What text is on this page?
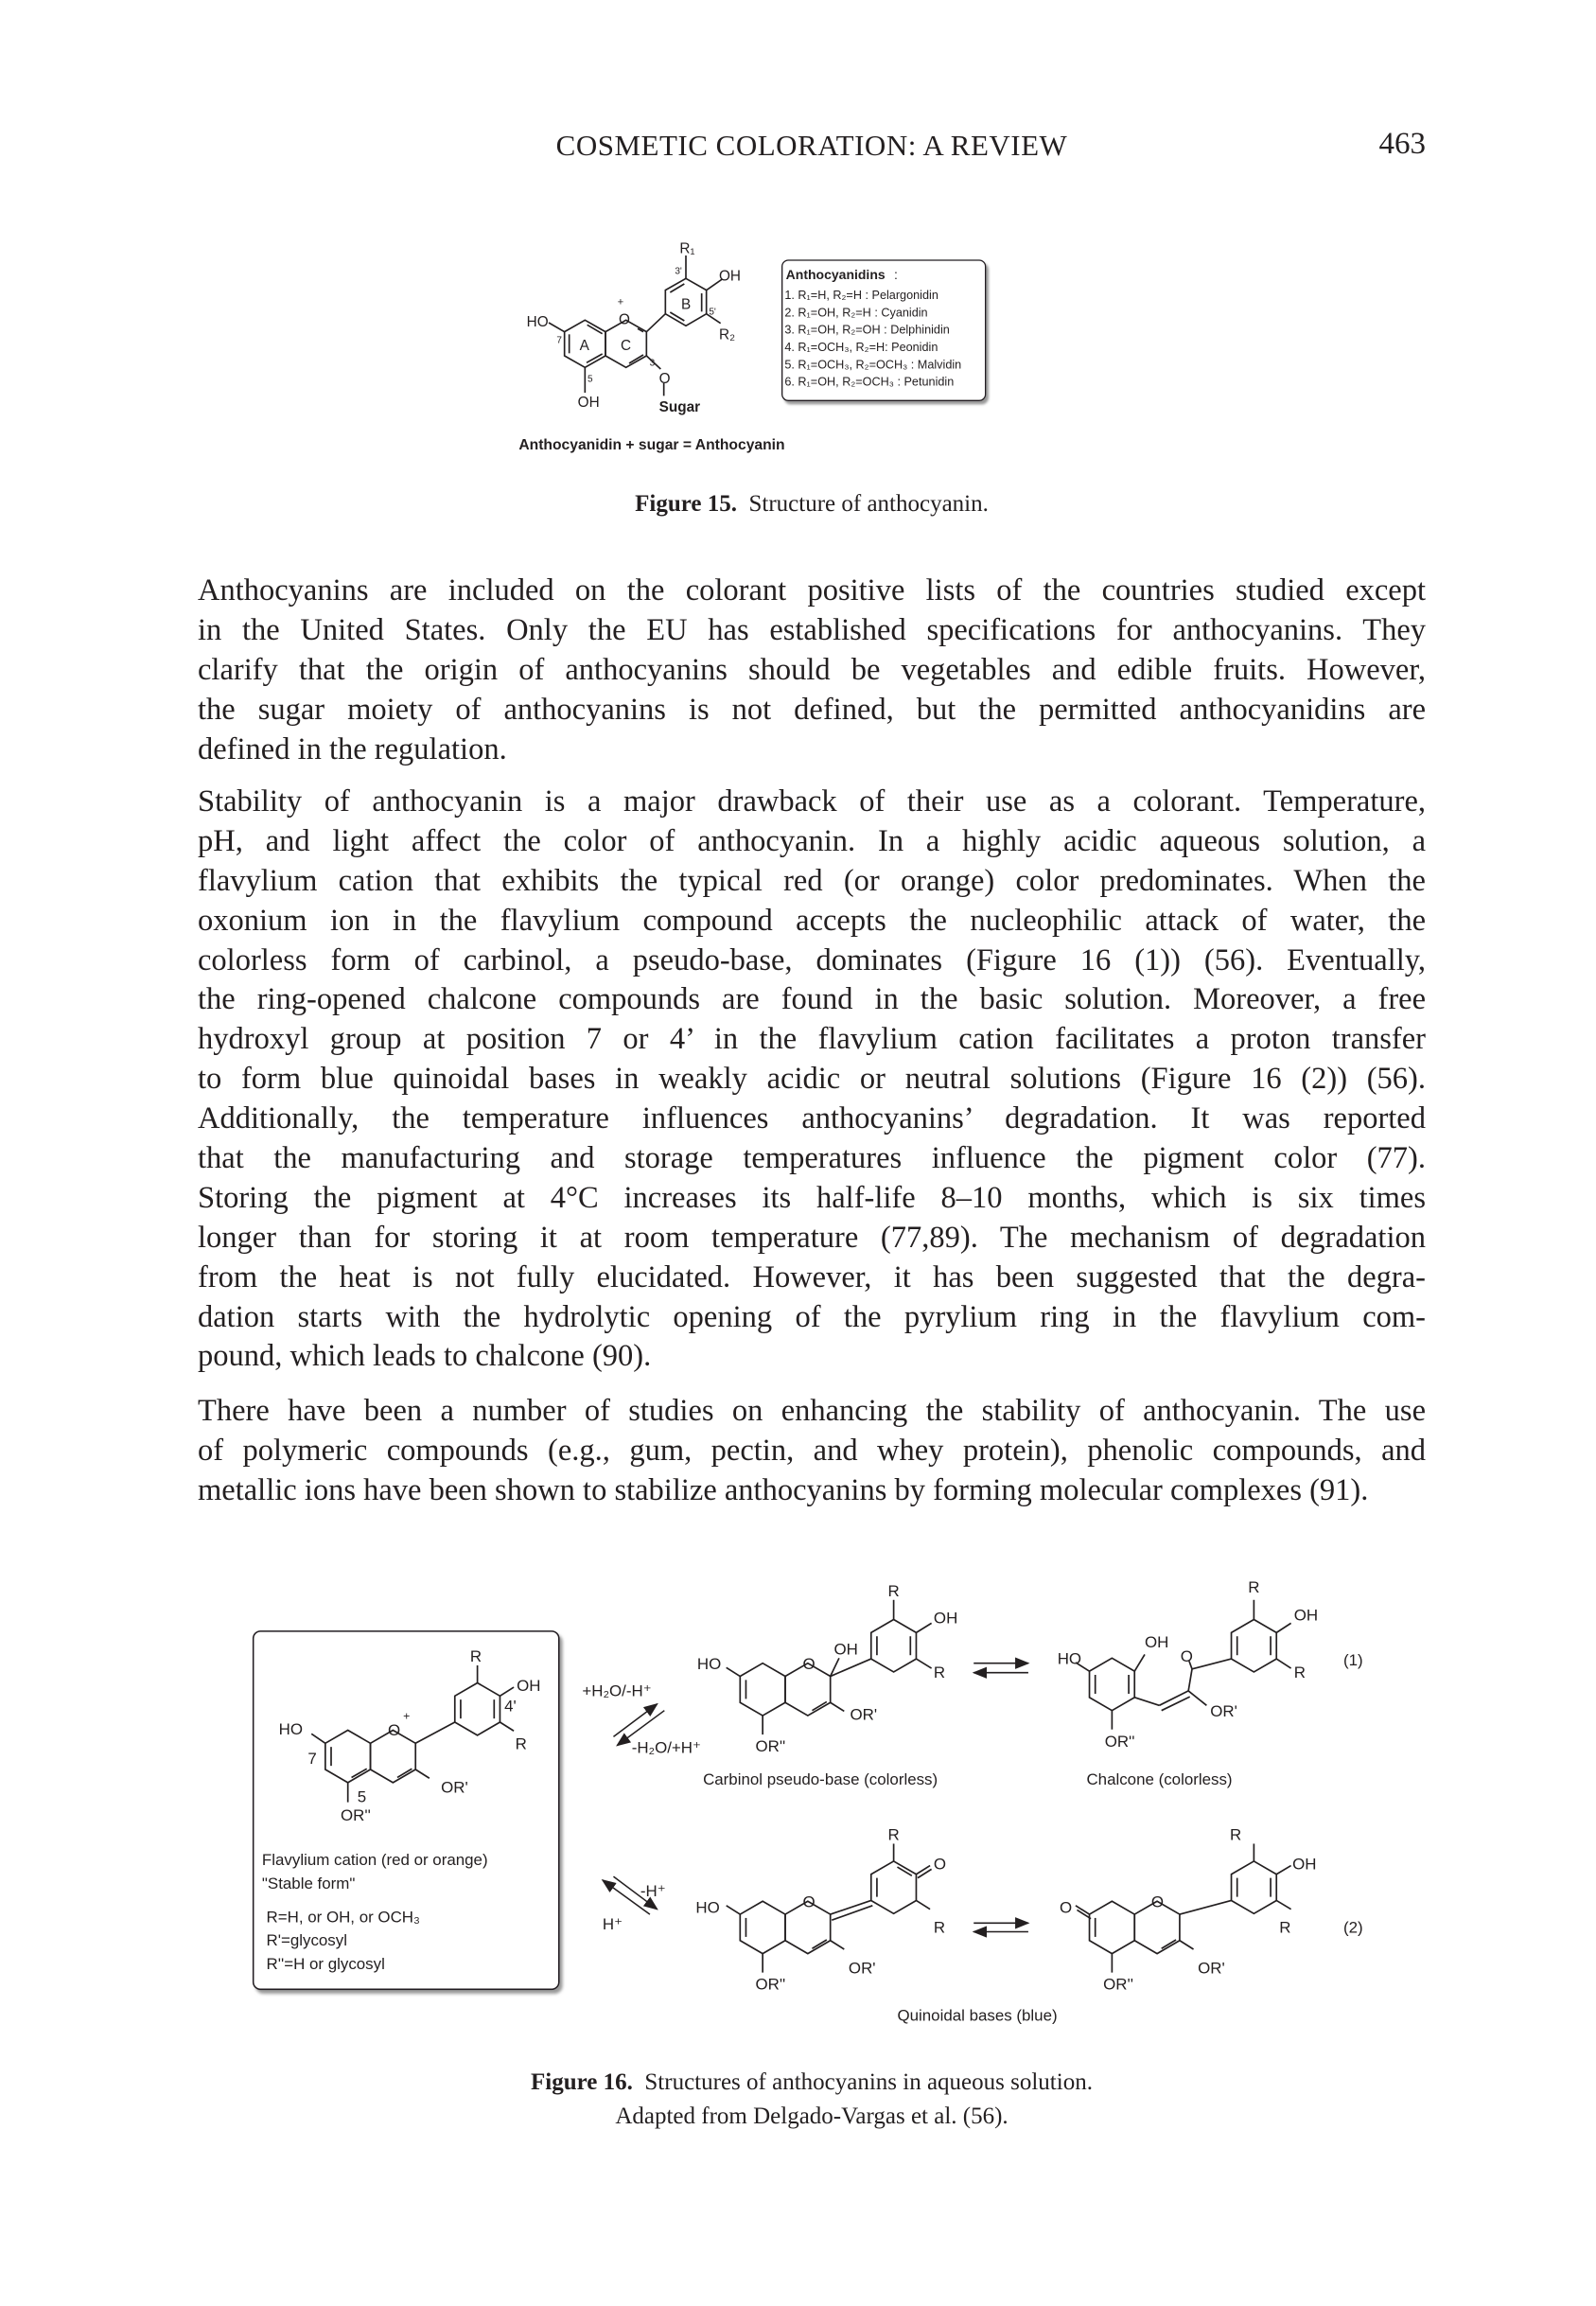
COSMETIC COLORATION: A REVIEW	463
R₁
3' OH
B 5'
R₂
HO
+
O
7 A C
3
O
Sugar
5
OH
Anthocyanidin + sugar = Anthocyanin
Anthocyanidins :
1. R₁=H, R₂=H : Pelargonidin
2. R₁=OH, R₂=H : Cyanidin
3. R₁=OH, R₂=OH : Delphinidin
4. R₁=OCH₃, R₂=H: Peonidin
5. R₁=OCH₃, R₂=OCH₃ : Malvidin
6. R₁=OH, R₂=OCH₃ : Petunidin
Figure 15. Structure of anthocyanin.
Anthocyanins are included on the colorant positive lists of the countries studied except
in the United States. Only the EU has established specifications for anthocyanins. They
clarify that the origin of anthocyanins should be vegetables and edible fruits. However,
the sugar moiety of anthocyanins is not defined, but the permitted anthocyanidins are
defined in the regulation.
Stability of anthocyanin is a major drawback of their use as a colorant. Temperature,
pH, and light affect the color of anthocyanin. In a highly acidic aqueous solution, a
flavylium cation that exhibits the typical red (or orange) color predominates. When the
oxonium ion in the flavylium compound accepts the nucleophilic attack of water, the
colorless form of carbinol, a pseudo-base, dominates (Figure 16 (1)) (56). Eventually,
the ring-opened chalcone compounds are found in the basic solution. Moreover, a free
hydroxyl group at position 7 or 4’ in the flavylium cation facilitates a proton transfer
to form blue quinoidal bases in weakly acidic or neutral solutions (Figure 16 (2)) (56).
Additionally, the temperature influences anthocyanins’ degradation. It was reported
that the manufacturing and storage temperatures influence the pigment color (77).
Storing the pigment at 4°C increases its half-life 8–10 months, which is six times
longer than for storing it at room temperature (77,89). The mechanism of degradation
from the heat is not fully elucidated. However, it has been suggested that the degra-
dation starts with the hydrolytic opening of the pyrylium ring in the flavylium com-
pound, which leads to chalcone (90).
There have been a number of studies on enhancing the stability of anthocyanin. The use
of polymeric compounds (e.g., gum, pectin, and whey protein), phenolic compounds, and
metallic ions have been shown to stabilize anthocyanins by forming molecular complexes (91).
R
OH
4'
R
HO
+
O
7
OR'
5
OR''
Flavylium cation (red or orange)
"Stable form"
R=H, or OH, or OCH₃
R'=glycosyl
R''=H or glycosyl
+H₂O/-H⁺
-H₂O/+H⁺
-H⁺
H⁺
R
OH
OH
R
HO	O
OR'
OR''
Carbinol pseudo-base (colorless)
R
OH
OH
R
HO	O
OR'
OR''
(1)
Chalcone (colorless)
R
O
R
HO	O
OR'
OR''
R
OH
R
O	O
OR'
OR''
(2)
Quinoidal bases (blue)
Figure 16. Structures of anthocyanins in aqueous solution.
Adapted from Delgado-Vargas et al. (56).
